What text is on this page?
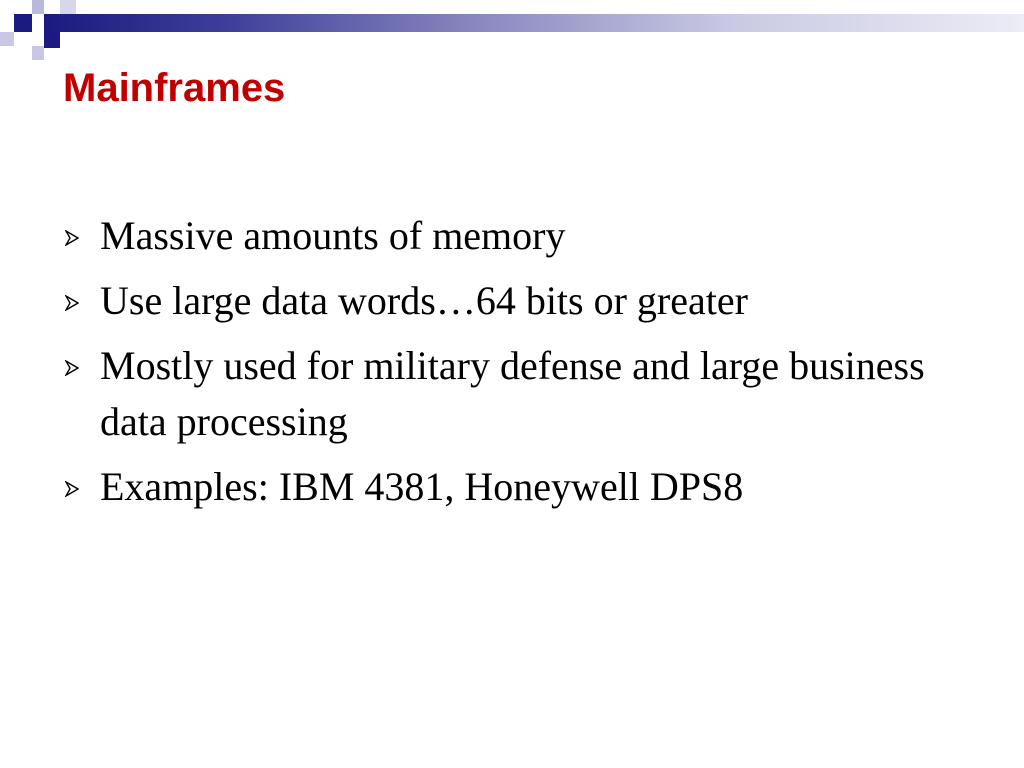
Mainframes
Massive amounts of memory
Use large data words…64 bits or greater
Mostly used for military defense and large business data processing
Examples: IBM 4381, Honeywell DPS8
